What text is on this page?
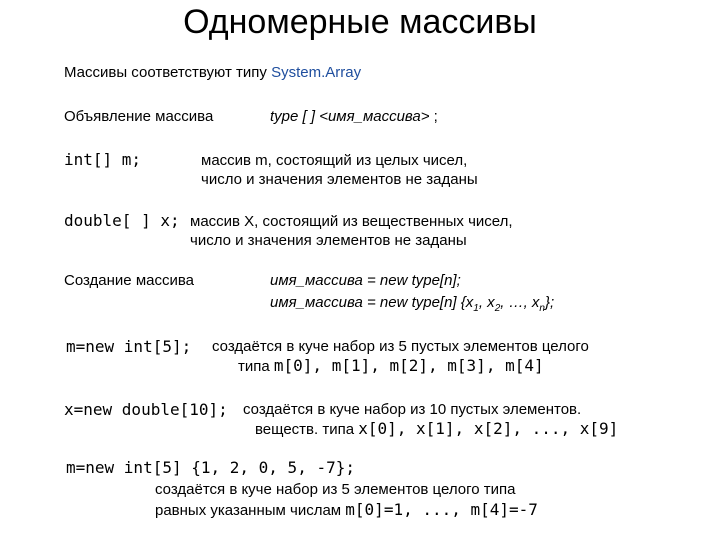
Одномерные массивы
Массивы соответствуют типу System.Array
Объявление массива	type [ ] <имя_массива> ;
int[] m;	массив m, состоящий из целых чисел,
число и значения элементов не заданы
double[ ] x; массив X, состоящий из вещественных чисел,
число и значения элементов не заданы
Создание массива	имя_массива = new type[n];
имя_массива = new type[n] {$x_1$, $x_2$, …, $x_n$};
m=new int[5]; создаётся в куче набор из 5 пустых элементов целого
типа m[0], m[1], m[2], m[3], m[4]
x=new double[10]; создаётся в куче набор из 10 пустых элементов.
веществ. типа x[0], x[1], x[2], ..., x[9]
m=new int[5] {1, 2, 0, 5, -7};
создаётся в куче набор из 5 элементов целого типа
равных указанным числам m[0]=1, ..., m[4]=-7
